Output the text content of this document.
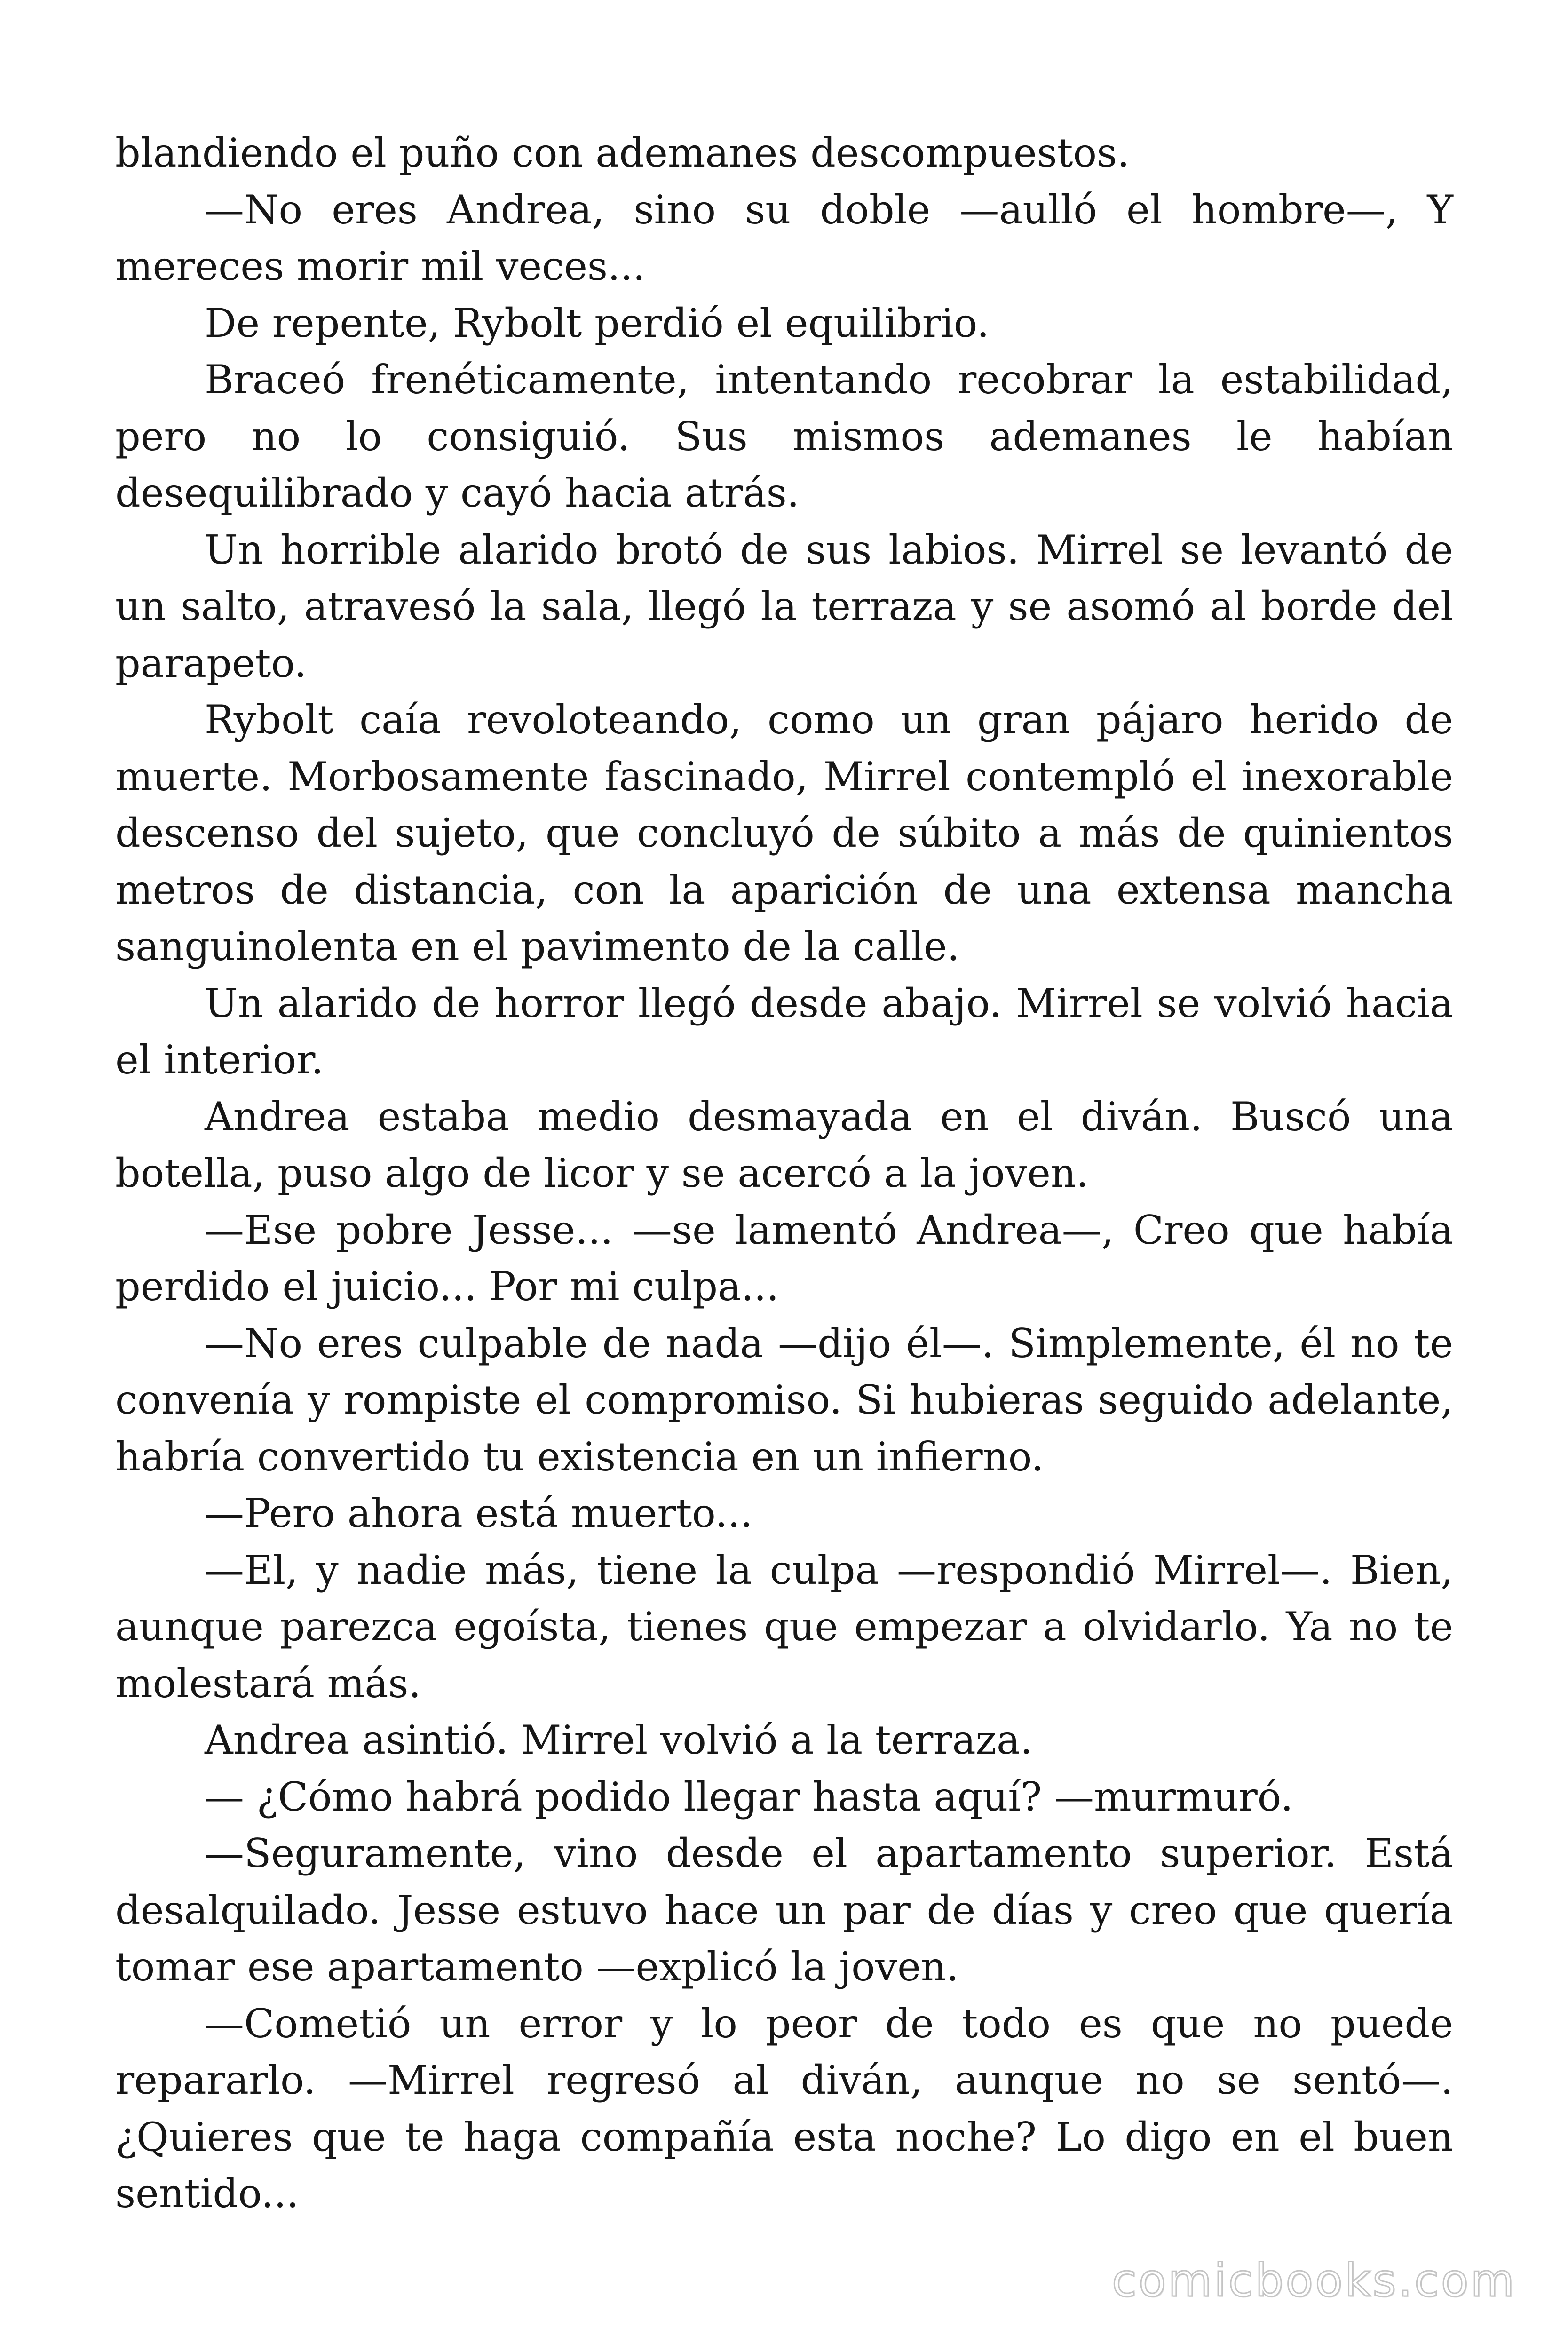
blandiendo el puño con ademanes descompuestos.

—No eres Andrea, sino su doble —aulló el hombre—, Y mereces morir mil veces...

De repente, Rybolt perdió el equilibrio.

Braceó frenéticamente, intentando recobrar la estabilidad, pero no lo consiguió. Sus mismos ademanes le habían desequilibrado y cayó hacia atrás.

Un horrible alarido brotó de sus labios. Mirrel se levantó de un salto, atravesó la sala, llegó la terraza y se asomó al borde del parapeto.

Rybolt caía revoloteando, como un gran pájaro herido de muerte. Morbosamente fascinado, Mirrel contempló el inexorable descenso del sujeto, que concluyó de súbito a más de quinientos metros de distancia, con la aparición de una extensa mancha sanguinolenta en el pavimento de la calle.

Un alarido de horror llegó desde abajo. Mirrel se volvió hacia el interior.

Andrea estaba medio desmayada en el diván. Buscó una botella, puso algo de licor y se acercó a la joven.

—Ese pobre Jesse... —se lamentó Andrea—, Creo que había perdido el juicio... Por mi culpa...

—No eres culpable de nada —dijo él—. Simplemente, él no te convenía y rompiste el compromiso. Si hubieras seguido adelante, habría convertido tu existencia en un infierno.

—Pero ahora está muerto...

—El, y nadie más, tiene la culpa —respondió Mirrel—. Bien, aunque parezca egoísta, tienes que empezar a olvidarlo. Ya no te molestará más.

Andrea asintió. Mirrel volvió a la terraza.

— ¿Cómo habrá podido llegar hasta aquí? —murmuró.

—Seguramente, vino desde el apartamento superior. Está desalquilado. Jesse estuvo hace un par de días y creo que quería tomar ese apartamento —explicó la joven.

—Cometió un error y lo peor de todo es que no puede repararlo. —Mirrel regresó al diván, aunque no se sentó—. ¿Quieres que te haga compañía esta noche? Lo digo en el buen sentido...

comicbooks.com
